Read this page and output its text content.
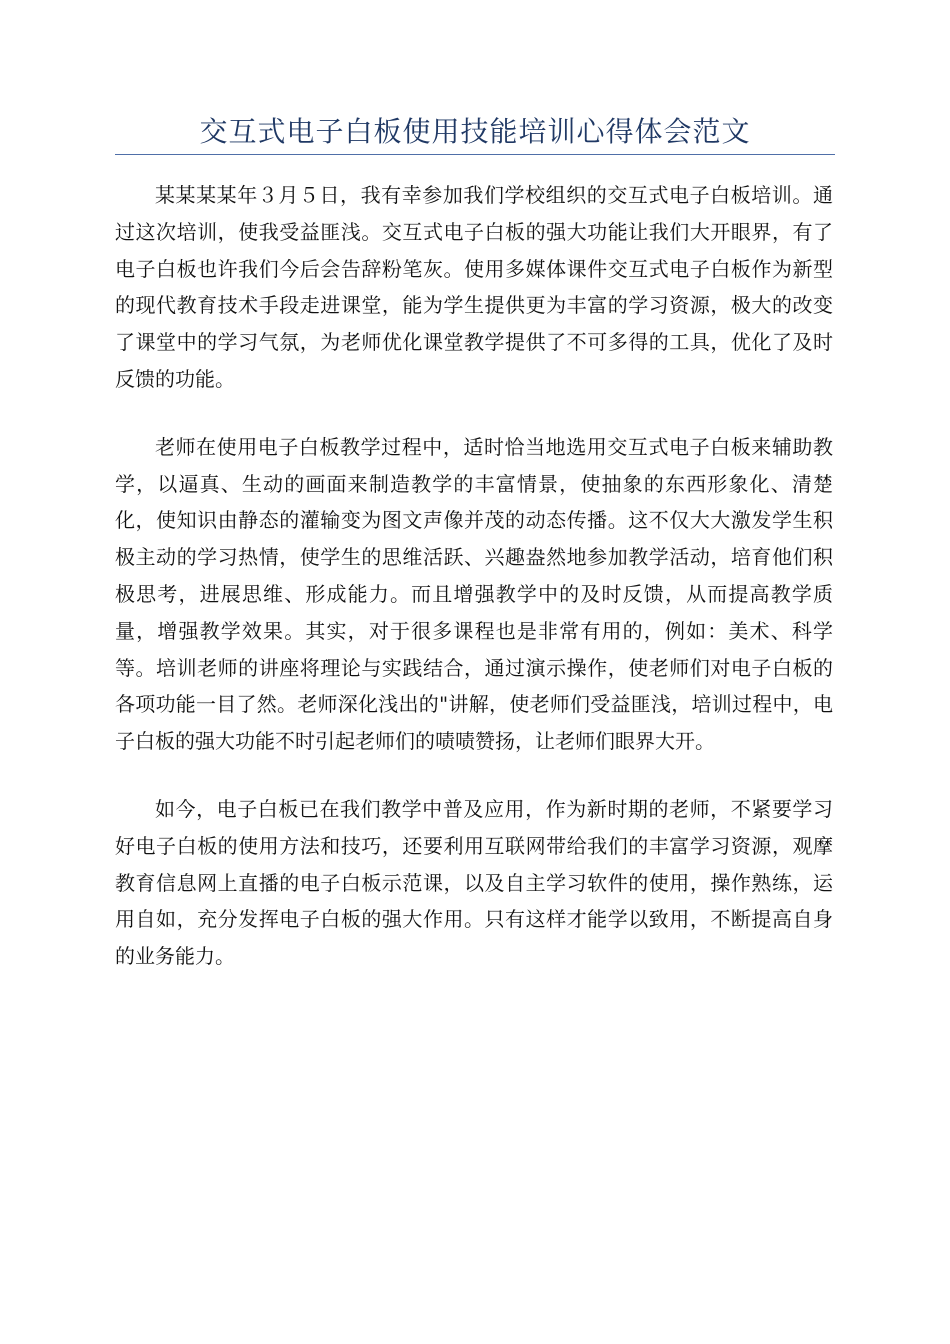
交互式电子白板使用技能培训心得体会范文

某某某某年３月５日，我有幸参加我们学校组织的交互式电子白板培训。通过这次培训，使我受益匪浅。交互式电子白板的强大功能让我们大开眼界，有了电子白板也许我们今后会告辞粉笔灰。使用多媒体课件交互式电子白板作为新型的现代教育技术手段走进课堂，能为学生提供更为丰富的学习资源，极大的改变了课堂中的学习气氛，为老师优化课堂教学提供了不可多得的工具，优化了及时反馈的功能。

老师在使用电子白板教学过程中，适时恰当地选用交互式电子白板来辅助教学，以逼真、生动的画面来制造教学的丰富情景，使抽象的东西形象化、清楚化，使知识由静态的灌输变为图文声像并茂的动态传播。这不仅大大激发学生积极主动的学习热情，使学生的思维活跃、兴趣盎然地参加教学活动，培育他们积极思考，进展思维、形成能力。而且增强教学中的及时反馈，从而提高教学质量，增强教学效果。其实，对于很多课程也是非常有用的，例如：美术、科学等。培训老师的讲座将理论与实践结合，通过演示操作，使老师们对电子白板的各项功能一目了然。老师深化浅出的"讲解，使老师们受益匪浅，培训过程中，电子白板的强大功能不时引起老师们的啧啧赞扬，让老师们眼界大开。

如今，电子白板已在我们教学中普及应用，作为新时期的老师，不紧要学习好电子白板的使用方法和技巧，还要利用互联网带给我们的丰富学习资源，观摩教育信息网上直播的电子白板示范课，以及自主学习软件的使用，操作熟练，运用自如，充分发挥电子白板的强大作用。只有这样才能学以致用，不断提高自身的业务能力。
